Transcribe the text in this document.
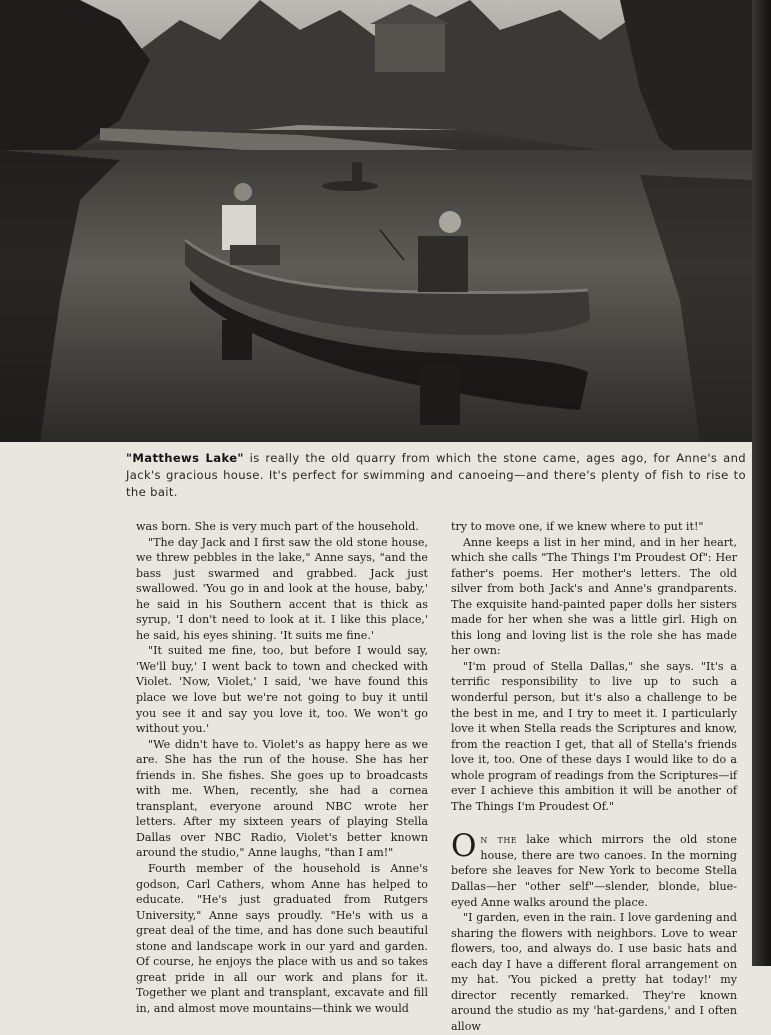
"Matthews Lake" is really the old quarry from which the stone came, ages ago, for Anne's and Jack's gracious house. It's perfect for swimming and canoeing—and there's plenty of fish to rise to the bait.

was born. She is very much part of the household.

"The day Jack and I first saw the old stone house, we threw pebbles in the lake," Anne says, "and the bass just swarmed and grabbed. Jack just swallowed. 'You go in and look at the house, baby,' he said in his Southern accent that is thick as syrup, 'I don't need to look at it. I like this place,' he said, his eyes shining. 'It suits me fine.'

"It suited me fine, too, but before I would say, 'We'll buy,' I went back to town and checked with Violet. 'Now, Violet,' I said, 'we have found this place we love but we're not going to buy it until you see it and say you love it, too. We won't go without you.'

"We didn't have to. Violet's as happy here as we are. She has the run of the house. She has her friends in. She fishes. She goes up to broadcasts with me. When, recently, she had a cornea transplant, everyone around NBC wrote her letters. After my sixteen years of playing Stella Dallas over NBC Radio, Violet's better known around the studio," Anne laughs, "than I am!"

Fourth member of the household is Anne's godson, Carl Cathers, whom Anne has helped to educate. "He's just graduated from Rutgers University," Anne says proudly. "He's with us a great deal of the time, and has done such beautiful stone and landscape work in our yard and garden. Of course, he enjoys the place with us and so takes great pride in all our work and plans for it. Together we plant and transplant, excavate and fill in, and almost move mountains—think we would

try to move one, if we knew where to put it!"

Anne keeps a list in her mind, and in her heart, which she calls "The Things I'm Proudest Of": Her father's poems. Her mother's letters. The old silver from both Jack's and Anne's grandparents. The exquisite hand-painted paper dolls her sisters made for her when she was a little girl. High on this long and loving list is the role she has made her own:

"I'm proud of Stella Dallas," she says. "It's a terrific responsibility to live up to such a wonderful person, but it's also a challenge to be the best in me, and I try to meet it. I particularly love it when Stella reads the Scriptures and know, from the reaction I get, that all of Stella's friends love it, too. One of these days I would like to do a whole program of readings from the Scriptures—if ever I achieve this ambition it will be another of The Things I'm Proudest Of."

On the lake which mirrors the old stone house, there are two canoes. In the morning before she leaves for New York to become Stella Dallas—her "other self"—slender, blonde, blue-eyed Anne walks around the place.

"I garden, even in the rain. I love gardening and sharing the flowers with neighbors. Love to wear flowers, too, and always do. I use basic hats and each day I have a different floral arrangement on my hat. 'You picked a pretty hat today!' my director recently remarked. They're known around the studio as my 'hat-gardens,' and I often allow
